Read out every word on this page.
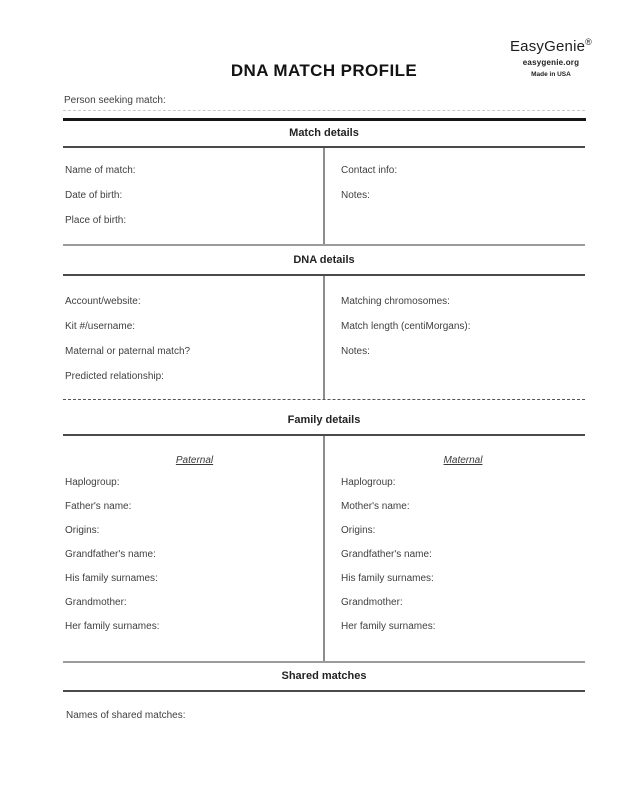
EasyGenie®
easygenie.org
Made in USA
DNA MATCH PROFILE
Person seeking match:
Match details
Name of match:
Date of birth:
Place of birth:
Contact info:
Notes:
DNA details
Account/website:
Kit #/username:
Maternal or paternal match?
Predicted relationship:
Matching chromosomes:
Match length (centiMorgans):
Notes:
Family details
Paternal
Haplogroup:
Father's name:
Origins:
Grandfather's name:
His family surnames:
Grandmother:
Her family surnames:
Maternal
Haplogroup:
Mother's name:
Origins:
Grandfather's name:
His family surnames:
Grandmother:
Her family surnames:
Shared matches
Names of shared matches:
